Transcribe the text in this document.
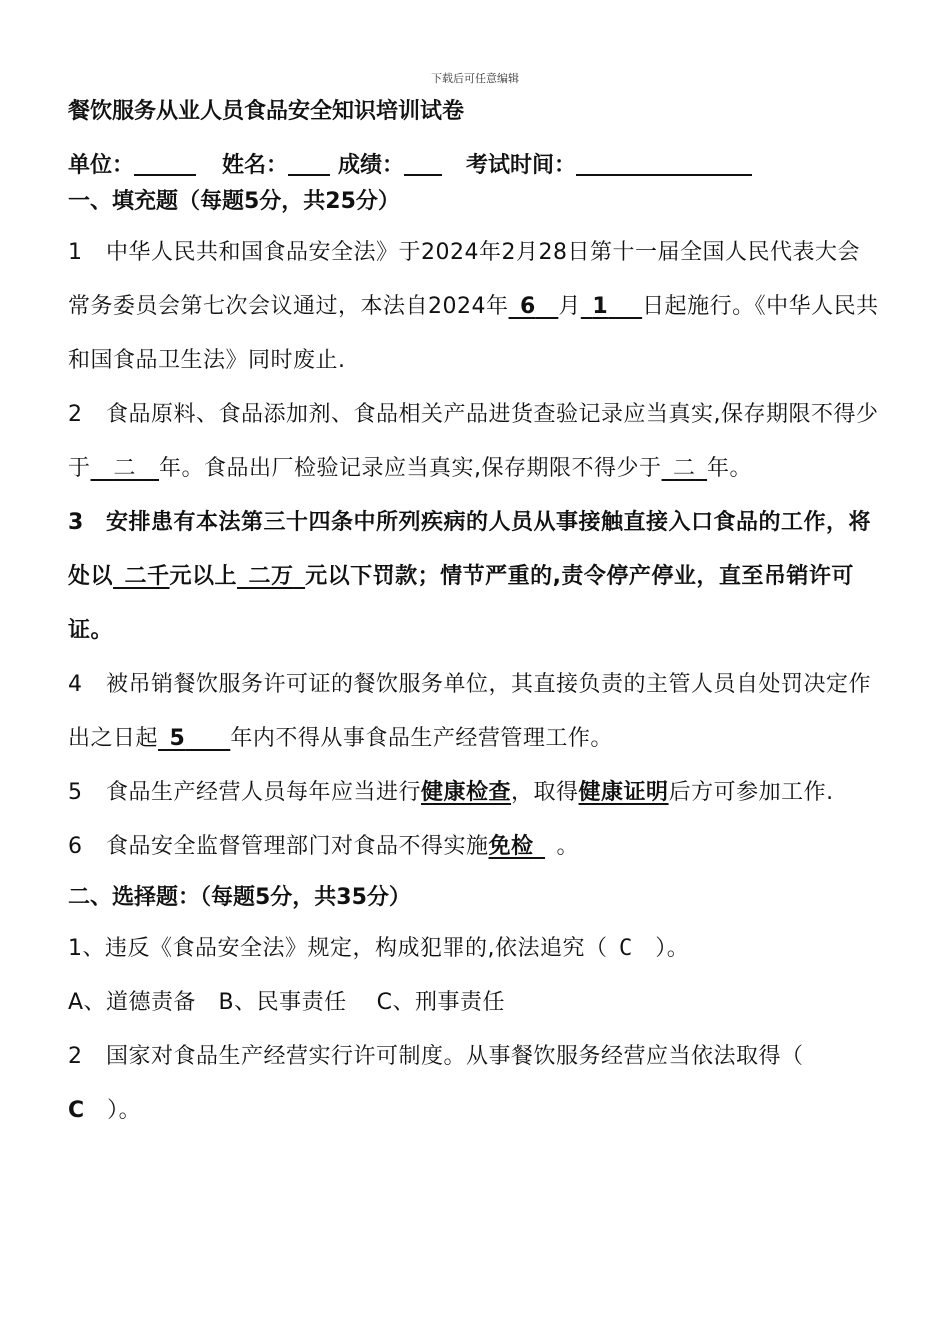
下载后可任意编辑
餐饮服务从业人员食品安全知识培训试卷
单位：	姓名： 成绩：	考试时间：
一、填充题（每题5分，共25分）

1 中华人民共和国食品安全法》于2024年2月28日第十一届全国人民代表大会常务委员会第七次会议通过，本法自2024年  6  月  1   日起施行。《中华人民共和国食品卫生法》同时废止.

2 食品原料、食品添加剂、食品相关产品进货查验记录应当真实,保存期限不得少于   二   年。食品出厂检验记录应当真实,保存期限不得少于  二  年。

3 安排患有本法第三十四条中所列疾病的人员从事接触直接入口食品的工作，将处以  二千元以上  二万  元以下罚款；情节严重的,责令停产停业，直至吊销许可证。

4 被吊销餐饮服务许可证的餐饮服务单位，其直接负责的主管人员自处罚决定作出之日起  5   年内不得从事食品生产经营管理工作。

5 食品生产经营人员每年应当进行健康检查，取得健康证明后方可参加工作.

6 食品安全监督管理部门对食品不得实施免检   。

二、选择题：（每题5分，共35分）

1、违反《食品安全法》规定，构成犯罪的,依法追究（  C  ）。

A、道德责备   B、民事责任    C、刑事责任

2 国家对食品生产经营实行许可制度。从事餐饮服务经营应当依法取得（ C  ）。
